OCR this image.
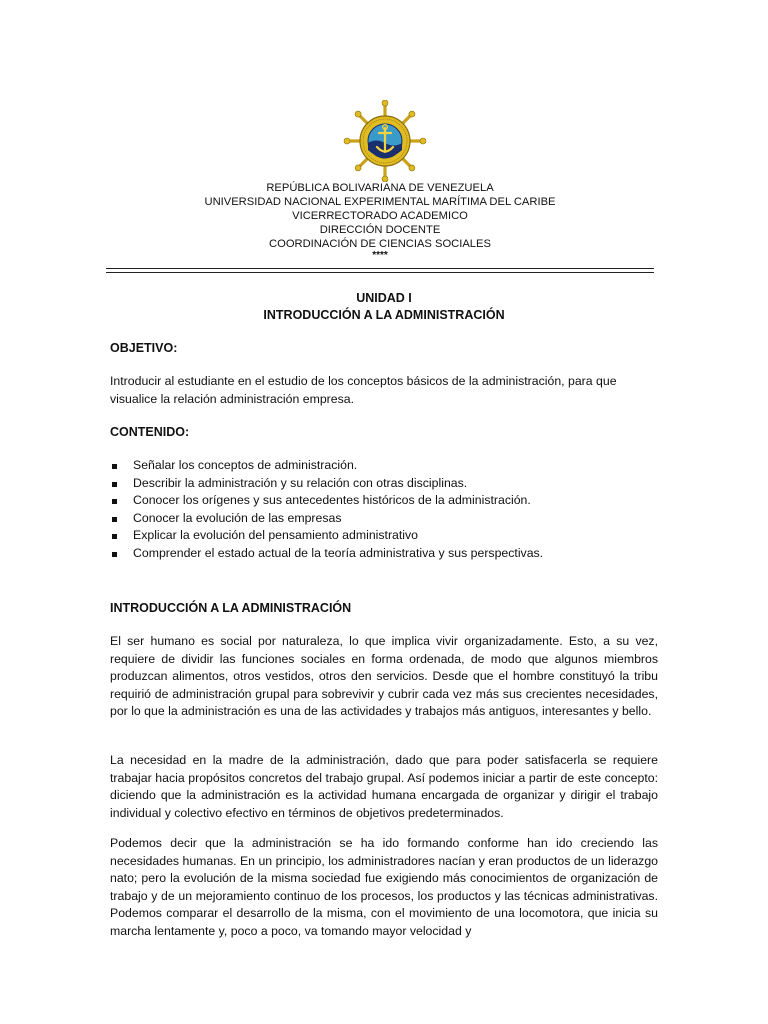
REPÚBLICA BOLIVARIANA DE VENEZUELA
UNIVERSIDAD NACIONAL EXPERIMENTAL MARÍTIMA DEL CARIBE
VICERRECTORADO ACADEMICO
DIRECCIÓN DOCENTE
COORDINACIÓN DE CIENCIAS SOCIALES
****
UNIDAD I
INTRODUCCIÓN A LA ADMINISTRACIÓN
OBJETIVO:
Introducir al estudiante en el estudio de los conceptos básicos de la administración, para que visualice la relación administración empresa.
CONTENIDO:
Señalar los conceptos de administración.
Describir la administración y su relación con otras disciplinas.
Conocer los orígenes y sus antecedentes históricos de la administración.
Conocer la evolución de las empresas
Explicar la evolución del pensamiento administrativo
Comprender el estado actual de la teoría administrativa y sus perspectivas.
INTRODUCCIÓN A LA ADMINISTRACIÓN
El ser humano es social por naturaleza, lo que implica vivir organizadamente. Esto, a su vez, requiere de dividir las funciones sociales en forma ordenada, de modo que algunos miembros produzcan alimentos, otros vestidos, otros den servicios. Desde que el hombre constituyó la tribu requirió de administración grupal para sobrevivir y cubrir cada vez más sus crecientes necesidades, por lo que la administración es una de las actividades y trabajos más antiguos, interesantes y bello.
La necesidad en la madre de la administración, dado que para poder satisfacerla se requiere trabajar hacia propósitos concretos del trabajo grupal. Así podemos iniciar a partir de este concepto: diciendo que la administración es la actividad humana encargada de organizar y dirigir el trabajo individual y colectivo efectivo en términos de objetivos predeterminados.
Podemos decir que la administración se ha ido formando conforme han ido creciendo las necesidades humanas. En un principio, los administradores nacían y eran productos de un liderazgo nato; pero la evolución de la misma sociedad fue exigiendo más conocimientos de organización de trabajo y de un mejoramiento continuo de los procesos, los productos y las técnicas administrativas. Podemos comparar el desarrollo de la misma, con el movimiento de una locomotora, que inicia su marcha lentamente y, poco a poco, va tomando mayor velocidad y
